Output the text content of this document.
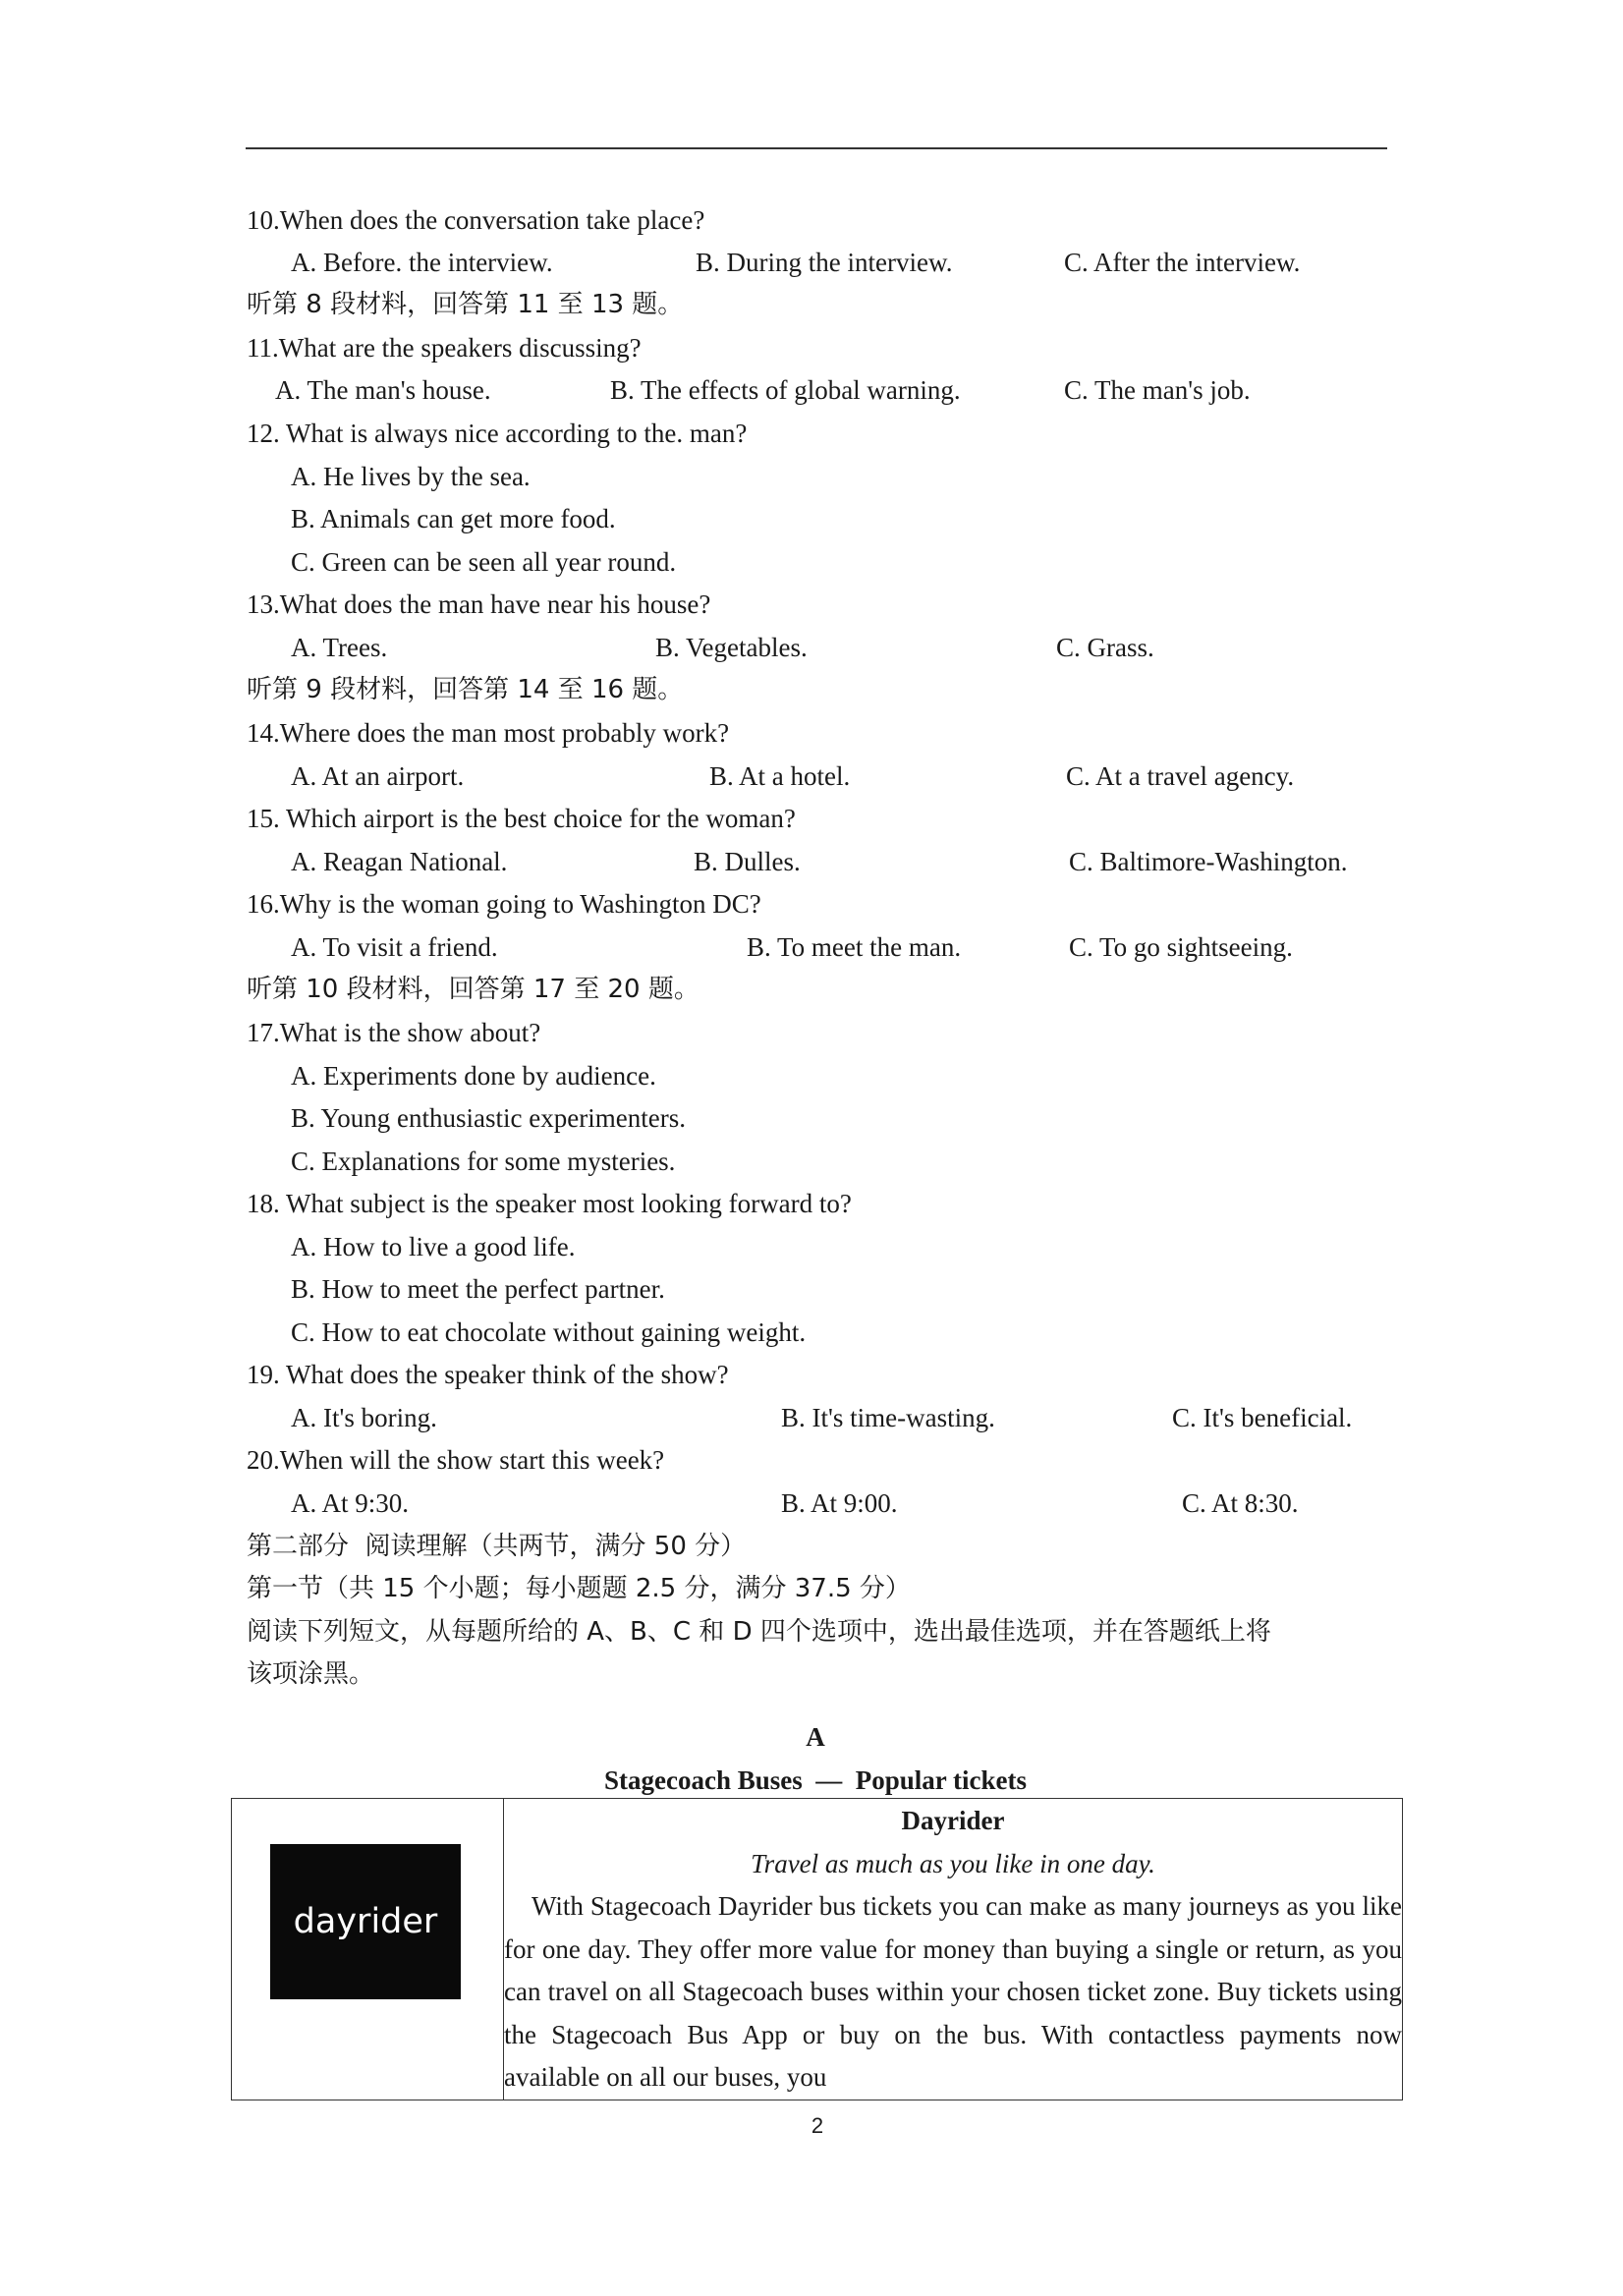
10.When does the conversation take place?
A. Before. the interview.	B. During the interview.	C. After the interview.
听第 8 段材料，回答第 11 至 13 题。
11.What are the speakers discussing?
A. The man's house.	B. The effects of global warning.	C. The man's job.
12. What is always nice according to the. man?
A. He lives by the sea.
B. Animals can get more food.
C. Green can be seen all year round.
13.What does the man have near his house?
A. Trees.	B. Vegetables.	C. Grass.
听第 9 段材料，回答第 14 至 16 题。
14.Where does the man most probably work?
A. At an airport.	B. At a hotel.	C. At a travel agency.
15. Which airport is the best choice for the woman?
A. Reagan National.	B. Dulles.	C. Baltimore-Washington.
16.Why is the woman going to Washington DC?
A. To visit a friend.	B. To meet the man.	C. To go sightseeing.
听第 10 段材料，回答第 17 至 20 题。
17.What is the show about?
A. Experiments done by audience.
B. Young enthusiastic experimenters.
C. Explanations for some mysteries.
18. What subject is the speaker most looking forward to?
A. How to live a good life.
B. How to meet the perfect partner.
C. How to eat chocolate without gaining weight.
19. What does the speaker think of the show?
A. It's boring.	B. It's time-wasting.	C. It's beneficial.
20.When will the show start this week?
A. At 9:30.	B. At 9:00.	C. At 8:30.
第二部分  阅读理解（共两节，满分 50 分）
第一节（共 15 个小题；每小题题 2.5 分，满分 37.5 分）
阅读下列短文，从每题所给的 A、B、C 和 D 四个选项中，选出最佳选项，并在答题纸上将
该项涂黑。
A
Stagecoach Buses  —  Popular tickets
dayrider

Dayrider
Travel as much as you like in one day.

With Stagecoach Dayrider bus tickets you can make as many journeys as you like for one day. They offer more value for money than buying a single or return, as you can travel on all Stagecoach buses within your chosen ticket zone. Buy tickets using the Stagecoach Bus App or buy on the bus. With contactless payments now available on all our buses, you

2
